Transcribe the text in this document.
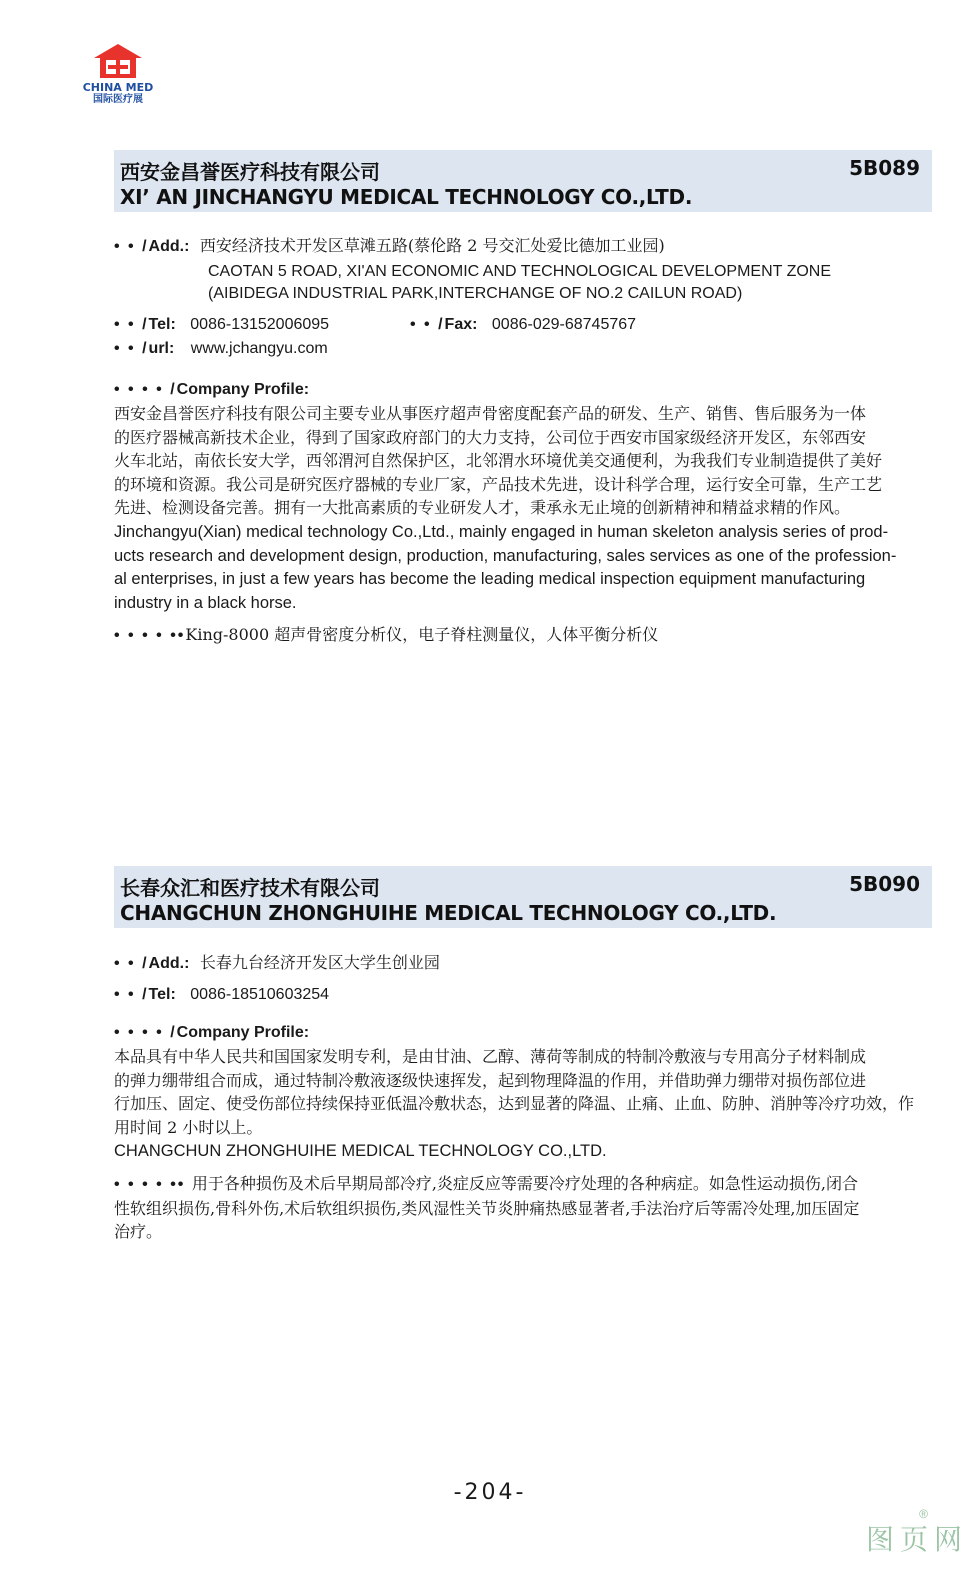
CHINA MED
国际医疗展
西安金昌誉医疗科技有限公司
XI’ AN JINCHANGYU MEDICAL TECHNOLOGY CO.,LTD.
5B089
• • /Add.: 西安经济技术开发区草滩五路(蔡伦路 2 号交汇处爱比德加工业园)
CAOTAN 5 ROAD, XI'AN ECONOMIC AND TECHNOLOGICAL DEVELOPMENT ZONE
(AIBIDEGA INDUSTRIAL PARK,INTERCHANGE OF NO.2 CAILUN ROAD)
• • /Tel: 0086-13152006095	• • /Fax: 0086-029-68745767
• • /url: www.jchangyu.com
• • • • /Company Profile:
西安金昌誉医疗科技有限公司主要专业从事医疗超声骨密度配套产品的研发、生产、销售、售后服务为一体
的医疗器械高新技术企业，得到了国家政府部门的大力支持，公司位于西安市国家级经济开发区，东邻西安
火车北站，南依长安大学，西邻渭河自然保护区，北邻渭水环境优美交通便利，为我我们专业制造提供了美好
的环境和资源。我公司是研究医疗器械的专业厂家，产品技术先进，设计科学合理，运行安全可靠，生产工艺
先进、检测设备完善。拥有一大批高素质的专业研发人才，秉承永无止境的创新精神和精益求精的作风。
Jinchangyu(Xian) medical technology Co.,Ltd., mainly engaged in human skeleton analysis series of prod-
ucts research and development design, production, manufacturing, sales services as one of the profession-
al enterprises, in just a few years has become the leading medical inspection equipment manufacturing
industry in a black horse.
• • • • ••King-8000 超声骨密度分析仪，电子脊柱测量仪，人体平衡分析仪
长春众汇和医疗技术有限公司
CHANGCHUN ZHONGHUIHE MEDICAL TECHNOLOGY CO.,LTD.
5B090
• • /Add.: 长春九台经济开发区大学生创业园
• • /Tel: 0086-18510603254
• • • • /Company Profile:
本品具有中华人民共和国国家发明专利，是由甘油、乙醇、薄荷等制成的特制冷敷液与专用高分子材料制成
的弹力绷带组合而成，通过特制冷敷液逐级快速挥发，起到物理降温的作用，并借助弹力绷带对损伤部位进
行加压、固定、使受伤部位持续保持亚低温冷敷状态，达到显著的降温、止痛、止血、防肿、消肿等冷疗功效，作
用时间 2 小时以上。
CHANGCHUN ZHONGHUIHE MEDICAL TECHNOLOGY CO.,LTD.
• • • • •• 用于各种损伤及术后早期局部冷疗,炎症反应等需要冷疗处理的各种病症。如急性运动损伤,闭合
性软组织损伤,骨科外伤,术后软组织损伤,类风湿性关节炎肿痛热感显著者,手法治疗后等需冷处理,加压固定
治疗。
-204-
®
图页网
